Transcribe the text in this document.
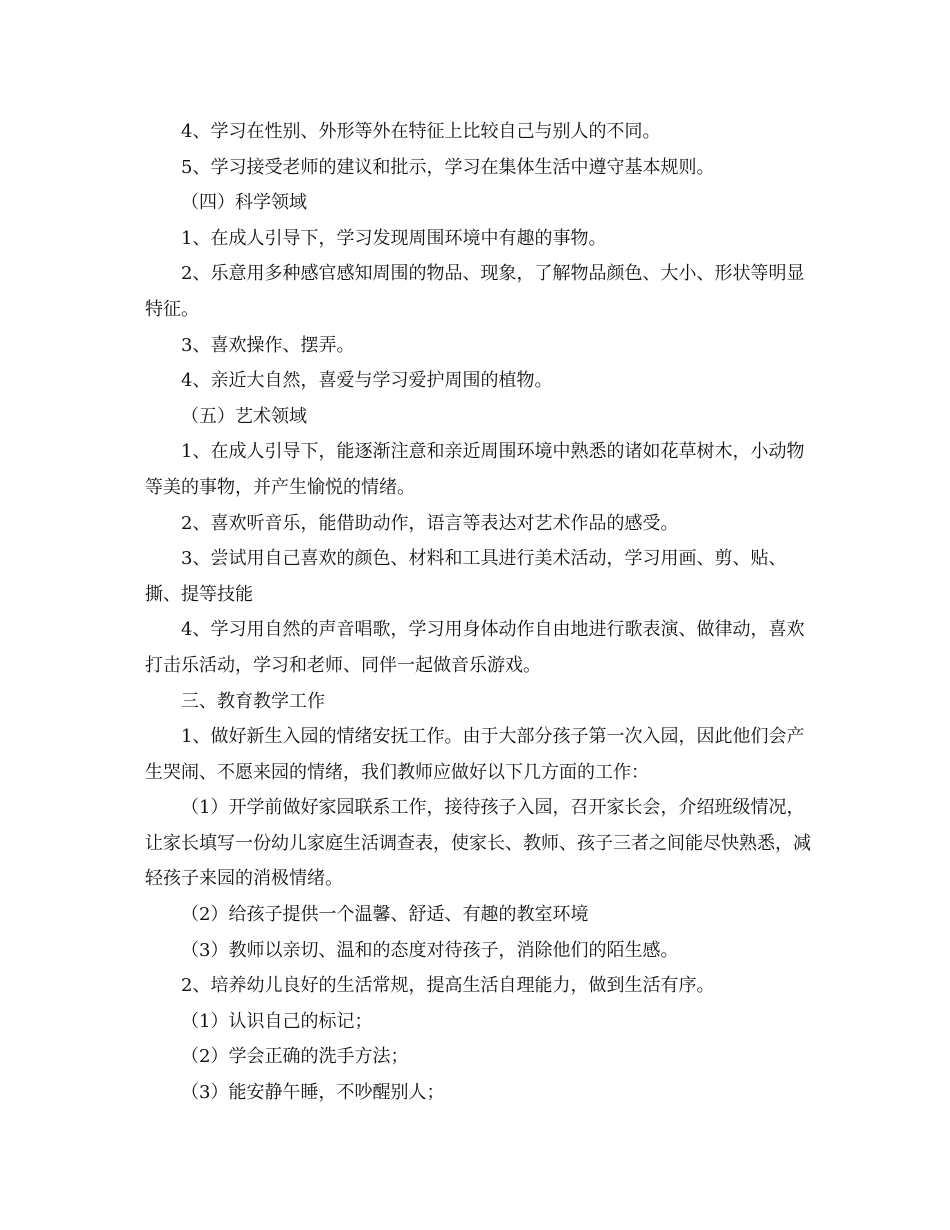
4、学习在性别、外形等外在特征上比较自己与别人的不同。

5、学习接受老师的建议和批示，学习在集体生活中遵守基本规则。

（四）科学领域

1、在成人引导下，学习发现周围环境中有趣的事物。

2、乐意用多种感官感知周围的物品、现象，了解物品颜色、大小、形状等明显特征。

3、喜欢操作、摆弄。

4、亲近大自然，喜爱与学习爱护周围的植物。

（五）艺术领域

1、在成人引导下，能逐渐注意和亲近周围环境中熟悉的诸如花草树木，小动物等美的事物，并产生愉悦的情绪。

2、喜欢听音乐，能借助动作，语言等表达对艺术作品的感受。

3、尝试用自己喜欢的颜色、材料和工具进行美术活动，学习用画、剪、贴、撕、提等技能

4、学习用自然的声音唱歌，学习用身体动作自由地进行歌表演、做律动，喜欢打击乐活动，学习和老师、同伴一起做音乐游戏。

三、教育教学工作

1、做好新生入园的情绪安抚工作。由于大部分孩子第一次入园，因此他们会产生哭闹、不愿来园的情绪，我们教师应做好以下几方面的工作：

（1）开学前做好家园联系工作，接待孩子入园，召开家长会，介绍班级情况，让家长填写一份幼儿家庭生活调查表，使家长、教师、孩子三者之间能尽快熟悉，减轻孩子来园的消极情绪。

（2）给孩子提供一个温馨、舒适、有趣的教室环境

（3）教师以亲切、温和的态度对待孩子，消除他们的陌生感。

2、培养幼儿良好的生活常规，提高生活自理能力，做到生活有序。

（1）认识自己的标记；

（2）学会正确的洗手方法；

（3）能安静午睡，不吵醒别人；
